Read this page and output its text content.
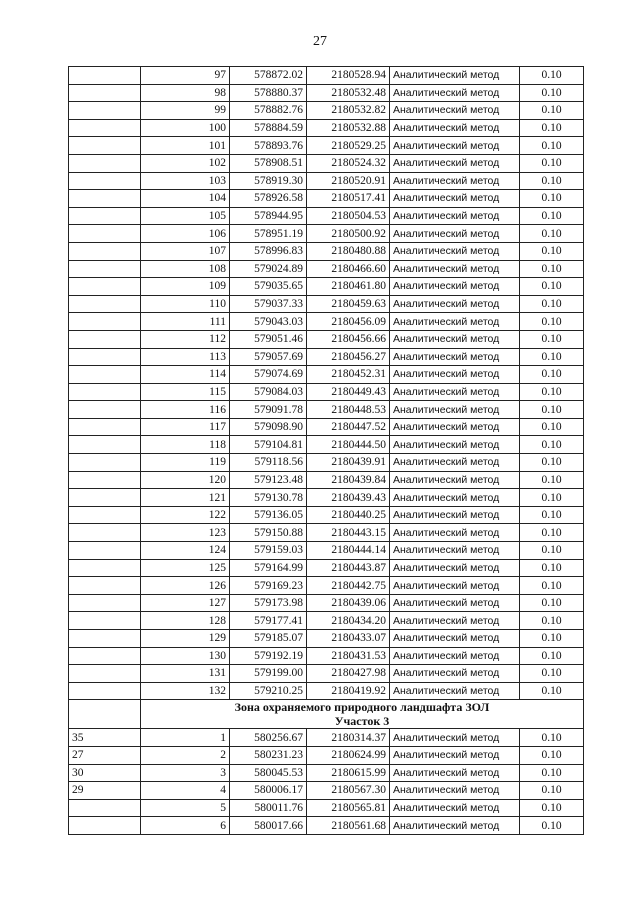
27
	97	578872.02	2180528.94	Аналитический метод	0.10
	98	578880.37	2180532.48	Аналитический метод	0.10
	99	578882.76	2180532.82	Аналитический метод	0.10
	100	578884.59	2180532.88	Аналитический метод	0.10
	101	578893.76	2180529.25	Аналитический метод	0.10
	102	578908.51	2180524.32	Аналитический метод	0.10
	103	578919.30	2180520.91	Аналитический метод	0.10
	104	578926.58	2180517.41	Аналитический метод	0.10
	105	578944.95	2180504.53	Аналитический метод	0.10
	106	578951.19	2180500.92	Аналитический метод	0.10
	107	578996.83	2180480.88	Аналитический метод	0.10
	108	579024.89	2180466.60	Аналитический метод	0.10
	109	579035.65	2180461.80	Аналитический метод	0.10
	110	579037.33	2180459.63	Аналитический метод	0.10
	111	579043.03	2180456.09	Аналитический метод	0.10
	112	579051.46	2180456.66	Аналитический метод	0.10
	113	579057.69	2180456.27	Аналитический метод	0.10
	114	579074.69	2180452.31	Аналитический метод	0.10
	115	579084.03	2180449.43	Аналитический метод	0.10
	116	579091.78	2180448.53	Аналитический метод	0.10
	117	579098.90	2180447.52	Аналитический метод	0.10
	118	579104.81	2180444.50	Аналитический метод	0.10
	119	579118.56	2180439.91	Аналитический метод	0.10
	120	579123.48	2180439.84	Аналитический метод	0.10
	121	579130.78	2180439.43	Аналитический метод	0.10
	122	579136.05	2180440.25	Аналитический метод	0.10
	123	579150.88	2180443.15	Аналитический метод	0.10
	124	579159.03	2180444.14	Аналитический метод	0.10
	125	579164.99	2180443.87	Аналитический метод	0.10
	126	579169.23	2180442.75	Аналитический метод	0.10
	127	579173.98	2180439.06	Аналитический метод	0.10
	128	579177.41	2180434.20	Аналитический метод	0.10
	129	579185.07	2180433.07	Аналитический метод	0.10
	130	579192.19	2180431.53	Аналитический метод	0.10
	131	579199.00	2180427.98	Аналитический метод	0.10
	132	579210.25	2180419.92	Аналитический метод	0.10

	Зона охраняемого природного ландшафта ЗОЛ
Участок 3				

35	1	580256.67	2180314.37	Аналитический метод	0.10
27	2	580231.23	2180624.99	Аналитический метод	0.10
30	3	580045.53	2180615.99	Аналитический метод	0.10
29	4	580006.17	2180567.30	Аналитический метод	0.10
	5	580011.76	2180565.81	Аналитический метод	0.10
	6	580017.66	2180561.68	Аналитический метод	0.10
